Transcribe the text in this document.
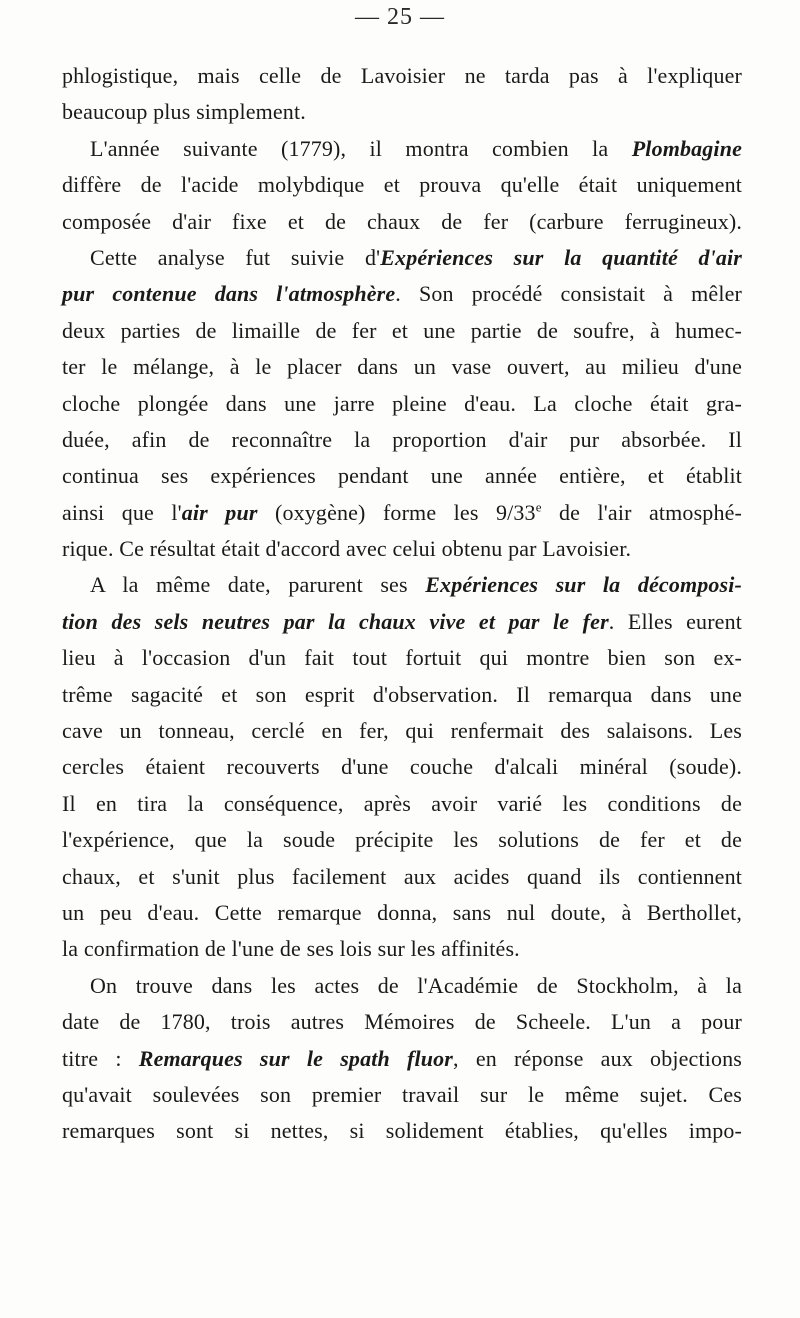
— 25 —
phlogistique, mais celle de Lavoisier ne tarda pas à l'expliquer
beaucoup plus simplement.
L'année suivante (1779), il montra combien la Plombagine
diffère de l'acide molybdique et prouva qu'elle était uniquement
composée d'air fixe et de chaux de fer (carbure ferrugineux).
Cette analyse fut suivie d'Expériences sur la quantité d'air
pur contenue dans l'atmosphère. Son procédé consistait à mêler
deux parties de limaille de fer et une partie de soufre, à humec-
ter le mélange, à le placer dans un vase ouvert, au milieu d'une
cloche plongée dans une jarre pleine d'eau. La cloche était gra-
duée, afin de reconnaître la proportion d'air pur absorbée. Il
continua ses expériences pendant une année entière, et établit
ainsi que l'air pur (oxygène) forme les 9/33e de l'air atmosphé-
rique. Ce résultat était d'accord avec celui obtenu par Lavoisier.
A la même date, parurent ses Expériences sur la décomposi-
tion des sels neutres par la chaux vive et par le fer. Elles eurent
lieu à l'occasion d'un fait tout fortuit qui montre bien son ex-
trême sagacité et son esprit d'observation. Il remarqua dans une
cave un tonneau, cerclé en fer, qui renfermait des salaisons. Les
cercles étaient recouverts d'une couche d'alcali minéral (soude).
Il en tira la conséquence, après avoir varié les conditions de
l'expérience, que la soude précipite les solutions de fer et de
chaux, et s'unit plus facilement aux acides quand ils contiennent
un peu d'eau. Cette remarque donna, sans nul doute, à Berthollet,
la confirmation de l'une de ses lois sur les affinités.
On trouve dans les actes de l'Académie de Stockholm, à la
date de 1780, trois autres Mémoires de Scheele. L'un a pour
titre : Remarques sur le spath fluor, en réponse aux objections
qu'avait soulevées son premier travail sur le même sujet. Ces
remarques sont si nettes, si solidement établies, qu'elles impo-
